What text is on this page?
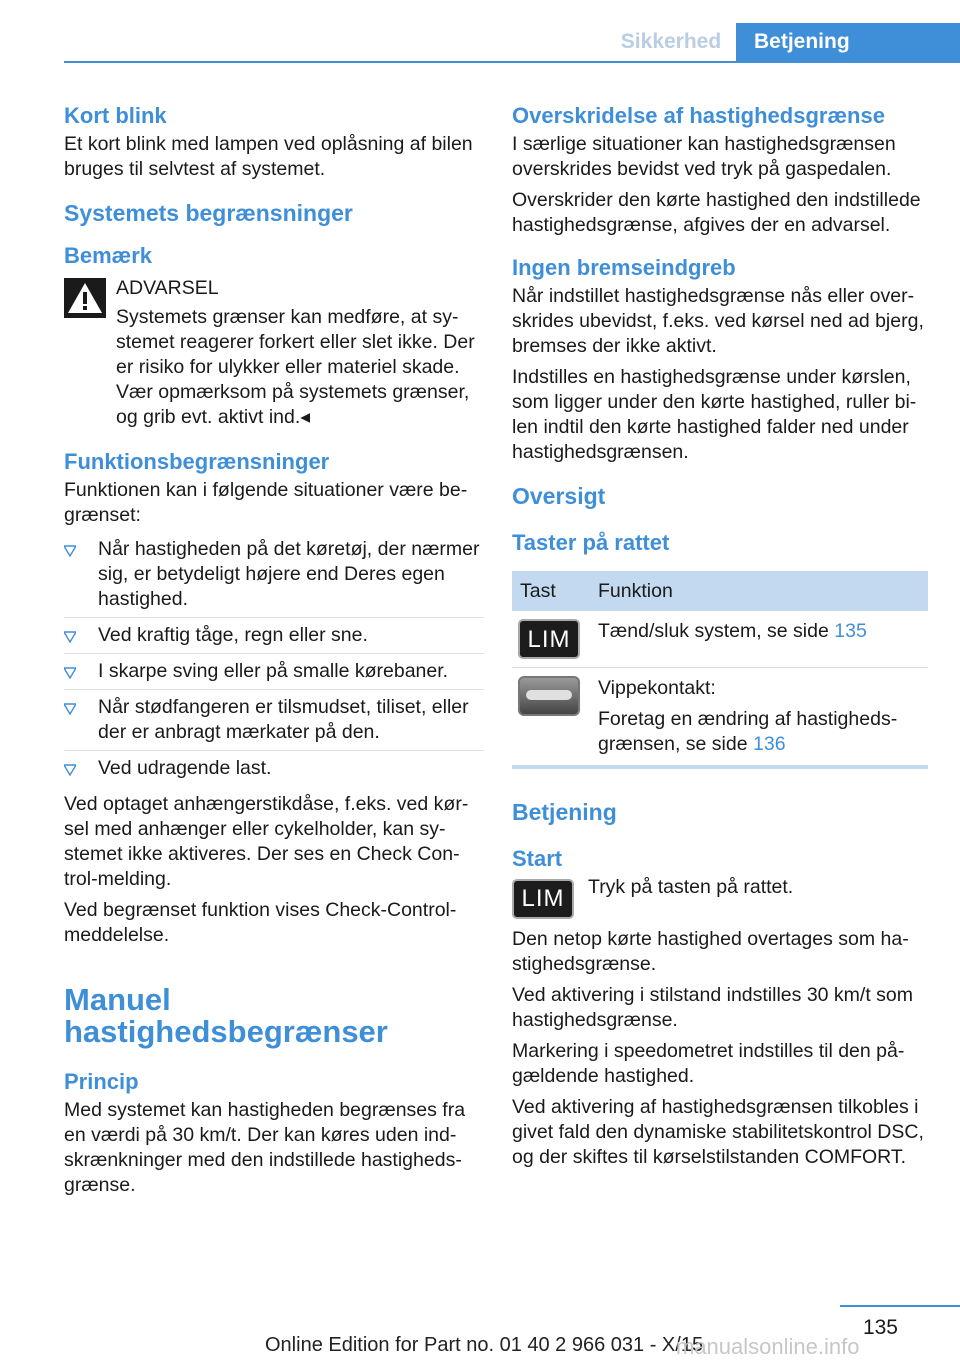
Sikkerhed	Betjening
Kort blink

Et kort blink med lampen ved oplåsning af bilen bruges til selvtest af systemet.

Systemets begrænsninger
Bemærk

ADVARSEL

Systemets grænser kan medføre, at systemet reagerer forkert eller slet ikke. Der er risiko for ulykker eller materiel skade. Vær opmærksom på systemets grænser, og grib evt. aktivt ind.◂

Funktionsbegrænsninger

Funktionen kan i følgende situationer være begrænset:

Når hastigheden på det køretøj, der nærmer sig, er betydeligt højere end Deres egen hastighed.
Ved kraftig tåge, regn eller sne.
I skarpe sving eller på smalle kørebaner.
Når stødfangeren er tilsmudset, tiliset, eller der er anbragt mærkater på den.
Ved udragende last.

Ved optaget anhængerstikdåse, f.eks. ved kørsel med anhænger eller cykelholder, kan systemet ikke aktiveres. Der ses en Check Control-melding.

Ved begrænset funktion vises Check-Control-meddelelse.

Manuel
hastighedsbegrænser
Princip

Med systemet kan hastigheden begrænses fra en værdi på 30 km/t. Der kan køres uden indskrænkninger med den indstillede hastighedsgrænse.

Overskridelse af hastighedsgrænse

I særlige situationer kan hastighedsgrænsen overskrides bevidst ved tryk på gaspedalen.

Overskrider den kørte hastighed den indstillede hastighedsgrænse, afgives der en advarsel.

Ingen bremseindgreb

Når indstillet hastighedsgrænse nås eller overskrides ubevidst, f.eks. ved kørsel ned ad bjerg, bremses der ikke aktivt.

Indstilles en hastighedsgrænse under kørslen, som ligger under den kørte hastighed, ruller bilen indtil den kørte hastighed falder ned under hastighedsgrænsen.

Oversigt
Taster på rattet
Tast	Funktion

LIM	Tænd/sluk system, se side 135

	Vippekontakt:
Foretag en ændring af hastighedsgrænsen, se side 136
Betjening
Start
LIM	Tryk på tasten på rattet.

Den netop kørte hastighed overtages som hastighedsgrænse.

Ved aktivering i stilstand indstilles 30 km/t som hastighedsgrænse.

Markering i speedometret indstilles til den pågældende hastighed.

Ved aktivering af hastighedsgrænsen tilkobles i givet fald den dynamiske stabilitetskontrol DSC, og der skiftes til kørselstilstanden COMFORT.

135
Online Edition for Part no. 01 40 2 966 031 - X/15
manualsonline.info
